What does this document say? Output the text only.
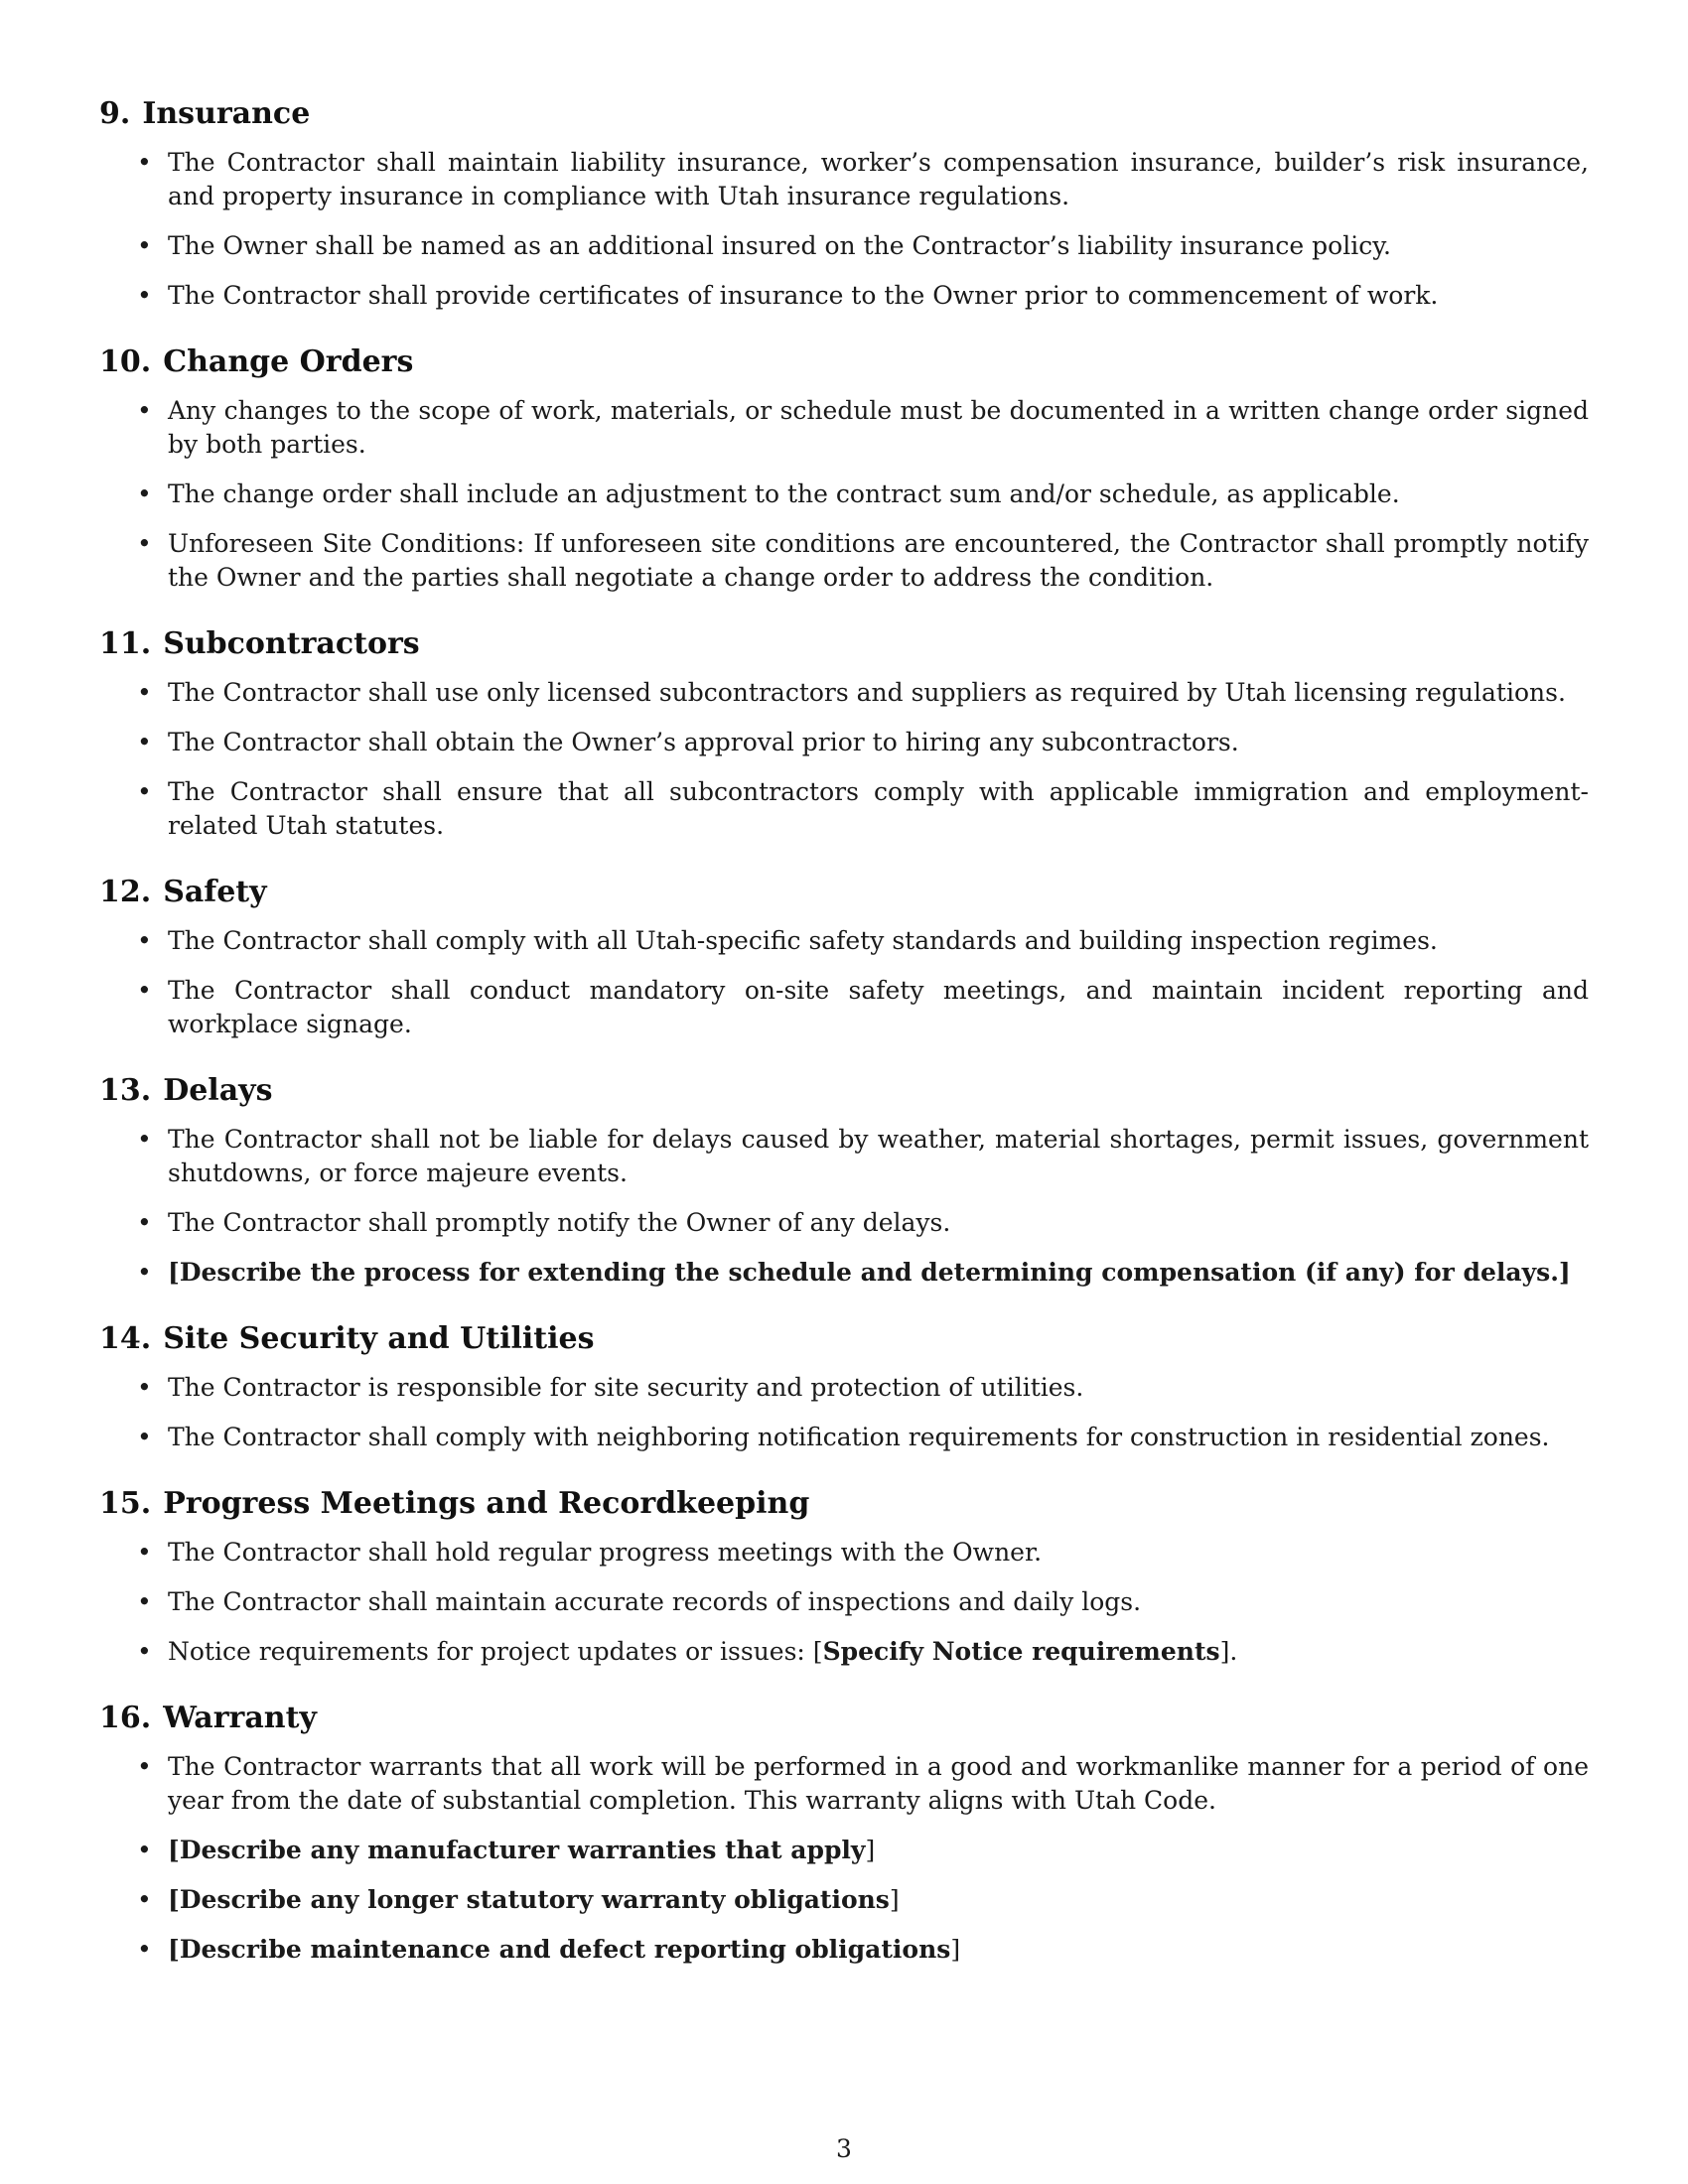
9. Insurance
• The Contractor shall maintain liability insurance, worker’s compensation insurance, builder’s risk insurance, and property insurance in compliance with Utah insurance regulations.
• The Owner shall be named as an additional insured on the Contractor’s liability insurance policy.
• The Contractor shall provide certificates of insurance to the Owner prior to commencement of work.
10. Change Orders
• Any changes to the scope of work, materials, or schedule must be documented in a written change order signed by both parties.
• The change order shall include an adjustment to the contract sum and/or schedule, as applicable.
• Unforeseen Site Conditions: If unforeseen site conditions are encountered, the Contractor shall promptly notify the Owner and the parties shall negotiate a change order to address the condition.
11. Subcontractors
• The Contractor shall use only licensed subcontractors and suppliers as required by Utah licensing regulations.
• The Contractor shall obtain the Owner’s approval prior to hiring any subcontractors.
• The Contractor shall ensure that all subcontractors comply with applicable immigration and employment-related Utah statutes.
12. Safety
• The Contractor shall comply with all Utah-specific safety standards and building inspection regimes.
• The Contractor shall conduct mandatory on-site safety meetings, and maintain incident reporting and workplace signage.
13. Delays
• The Contractor shall not be liable for delays caused by weather, material shortages, permit issues, government shutdowns, or force majeure events.
• The Contractor shall promptly notify the Owner of any delays.
• [Describe the process for extending the schedule and determining compensation (if any) for delays.]
14. Site Security and Utilities
• The Contractor is responsible for site security and protection of utilities.
• The Contractor shall comply with neighboring notification requirements for construction in residential zones.
15. Progress Meetings and Recordkeeping
• The Contractor shall hold regular progress meetings with the Owner.
• The Contractor shall maintain accurate records of inspections and daily logs.
• Notice requirements for project updates or issues: [Specify Notice requirements].
16. Warranty
• The Contractor warrants that all work will be performed in a good and workmanlike manner for a period of one year from the date of substantial completion. This warranty aligns with Utah Code.
• [Describe any manufacturer warranties that apply]
• [Describe any longer statutory warranty obligations]
• [Describe maintenance and defect reporting obligations]
3
